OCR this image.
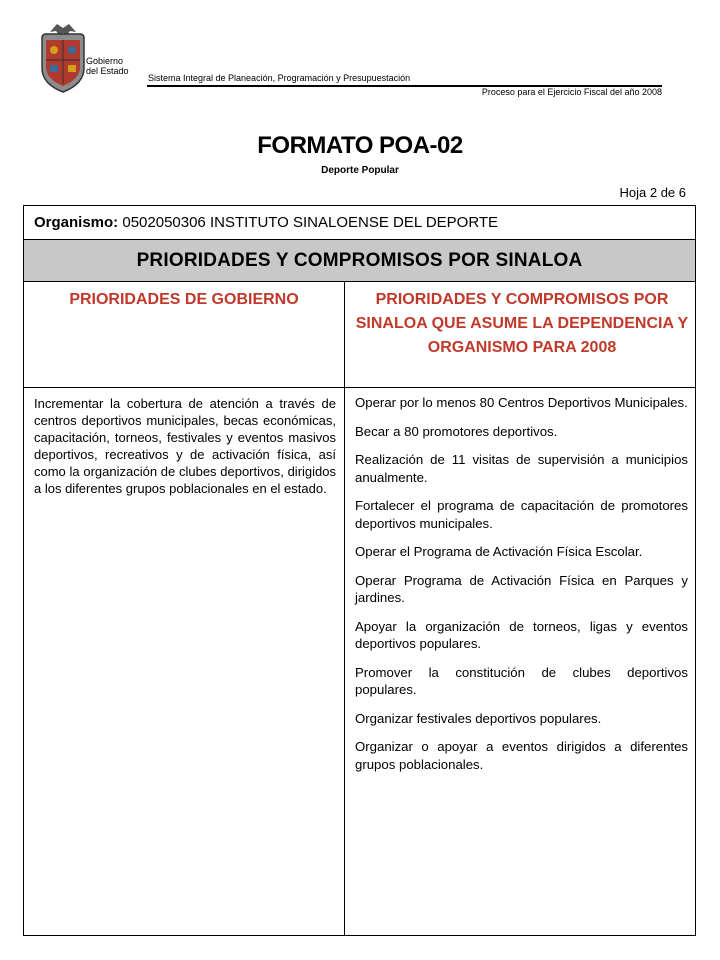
Gobierno
del Estado
Sistema Integral de Planeación, Programación y Presupuestación
Proceso para el Ejercicio Fiscal del año 2008
FORMATO POA-02
Deporte Popular
Hoja 2 de 6
Organismo: 0502050306 INSTITUTO SINALOENSE DEL DEPORTE
PRIORIDADES Y COMPROMISOS POR SINALOA
PRIORIDADES DE GOBIERNO	PRIORIDADES Y COMPROMISOS POR SINALOA QUE ASUME LA DEPENDENCIA Y ORGANISMO PARA 2008
Incrementar la cobertura de atención a través de centros deportivos municipales, becas económicas, capacitación, torneos, festivales y eventos masivos deportivos, recreativos y de activación física, así como la organización de clubes deportivos, dirigidos a los diferentes grupos poblacionales en el estado.

Operar por lo menos 80 Centros Deportivos Municipales.

Becar a 80 promotores deportivos.

Realización de 11 visitas de supervisión a municipios anualmente.

Fortalecer el programa de capacitación de promotores deportivos municipales.

Operar el Programa de Activación Física Escolar.

Operar Programa de Activación Física en Parques y jardines.

Apoyar la organización de torneos, ligas y eventos deportivos populares.

Promover la constitución de clubes deportivos populares.

Organizar festivales deportivos populares.

Organizar o apoyar a eventos dirigidos a diferentes grupos poblacionales.
